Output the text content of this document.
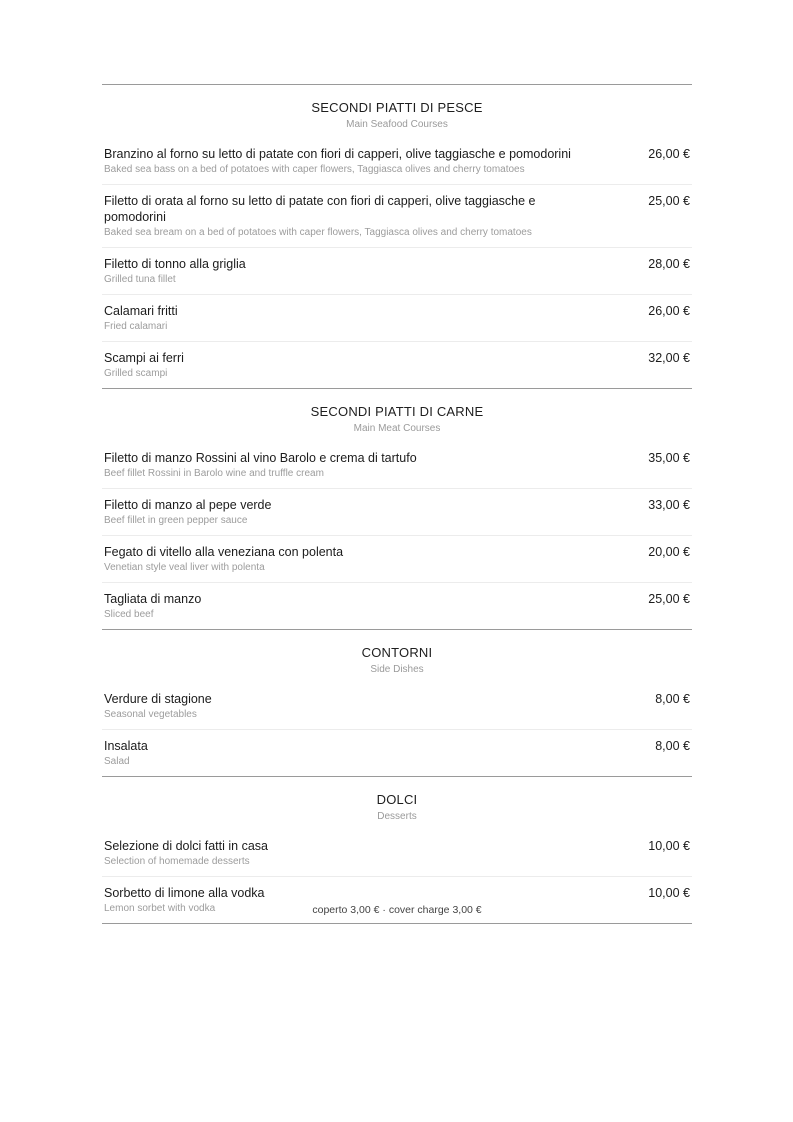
SECONDI PIATTI DI PESCE
Main Seafood Courses
Branzino al forno su letto di patate con fiori di capperi, olive taggiasche e pomodorini
Baked sea bass on a bed of potatoes with caper flowers, Taggiasca olives and cherry tomatoes
26,00 €
Filetto di orata al forno su letto di patate con fiori di capperi, olive taggiasche e pomodorini
Baked sea bream on a bed of potatoes with caper flowers, Taggiasca olives and cherry tomatoes
25,00 €
Filetto di tonno alla griglia
Grilled tuna fillet
28,00 €
Calamari fritti
Fried calamari
26,00 €
Scampi ai ferri
Grilled scampi
32,00 €
SECONDI PIATTI DI CARNE
Main Meat Courses
Filetto di manzo Rossini al vino Barolo e crema di tartufo
Beef fillet Rossini in Barolo wine and truffle cream
35,00 €
Filetto di manzo al pepe verde
Beef fillet in green pepper sauce
33,00 €
Fegato di vitello alla veneziana con polenta
Venetian style veal liver with polenta
20,00 €
Tagliata di manzo
Sliced beef
25,00 €
CONTORNI
Side Dishes
Verdure di stagione
Seasonal vegetables
8,00 €
Insalata
Salad
8,00 €
DOLCI
Desserts
Selezione di dolci fatti in casa
Selection of homemade desserts
10,00 €
Sorbetto di limone alla vodka
Lemon sorbet with vodka
10,00 €
coperto 3,00 € · cover charge 3,00 €
